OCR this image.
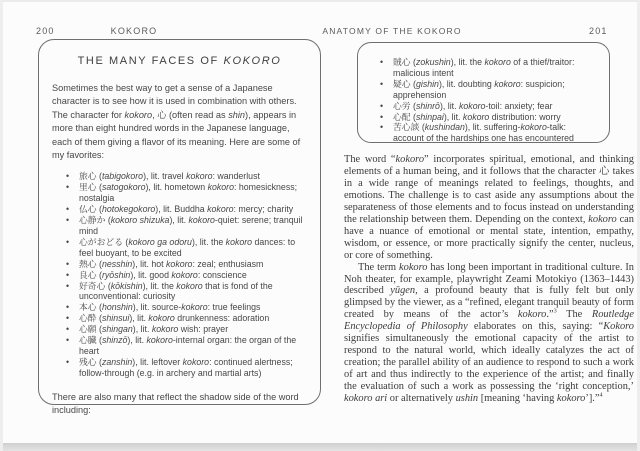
200	KOKORO	ANATOMY OF THE KOKORO	201
THE MANY FACES OF KOKORO
Sometimes the best way to get a sense of a Japanese character is to see how it is used in combination with others. The character for kokoro, 心 (often read as shin), appears in more than eight hundred words in the Japanese language, each of them giving a flavor of its meaning. Here are some of my favorites:
• 旅心 (tabigokoro), lit. travel kokoro: wanderlust
• 里心 (satogokoro), lit. hometown kokoro: homesickness; nostalgia
• 仏心 (hotokegokoro), lit. Buddha kokoro: mercy; charity
• 心静か (kokoro shizuka), lit. kokoro-quiet: serene; tranquil mind
• 心がおどる (kokoro ga odoru), lit. the kokoro dances: to feel buoyant, to be excited
• 熱心 (nesshin), lit. hot kokoro: zeal; enthusiasm
• 良心 (ryōshin), lit. good kokoro: conscience
• 好奇心 (kōkishin), lit. the kokoro that is fond of the unconventional: curiosity
• 本心 (honshin), lit. source-kokoro: true feelings
• 心酔 (shinsui), lit. kokoro drunkenness: adoration
• 心願 (shingan), lit. kokoro wish: prayer
• 心臓 (shinzō), lit. kokoro-internal organ: the organ of the heart
• 残心 (zanshin), lit. leftover kokoro: continued alertness; follow-through (e.g. in archery and martial arts)
There are also many that reflect the shadow side of the word including:
• 賊心 (zokushin), lit. the kokoro of a thief/traitor: malicious intent
• 疑心 (gishin), lit. doubting kokoro: suspicion; apprehension
• 心労 (shinrō), lit. kokoro-toil: anxiety; fear
• 心配 (shinpai), lit. kokoro distribution: worry
• 苦心談 (kushindan), lit. suffering-kokoro-talk: account of the hardships one has encountered

The word “kokoro” incorporates spiritual, emotional, and thinking elements of a human being, and it follows that the character 心 takes in a wide range of meanings related to feelings, thoughts, and emotions. The challenge is to cast aside any assumptions about the separateness of those elements and to focus instead on understanding the relationship between them. Depending on the context, kokoro can have a nuance of emotional or mental state, intention, empathy, wisdom, or essence, or more practically signify the center, nucleus, or core of something.

The term kokoro has long been important in traditional culture. In Noh theater, for example, playwright Zeami Motokiyo (1363–1443) described yūgen, a profound beauty that is fully felt but only glimpsed by the viewer, as a “refined, elegant tranquil beauty of form created by means of the actor’s kokoro.”$^3$ The Routledge Encyclopedia of Philosophy elaborates on this, saying: “Kokoro signifies simultaneously the emotional capacity of the artist to respond to the natural world, which ideally catalyzes the act of creation; the parallel ability of an audience to respond to such a work of art and thus indirectly to the experience of the artist; and finally the evaluation of such a work as possessing the ‘right conception,’ kokoro ari or alternatively ushin [meaning ‘having kokoro’].”$^4$
